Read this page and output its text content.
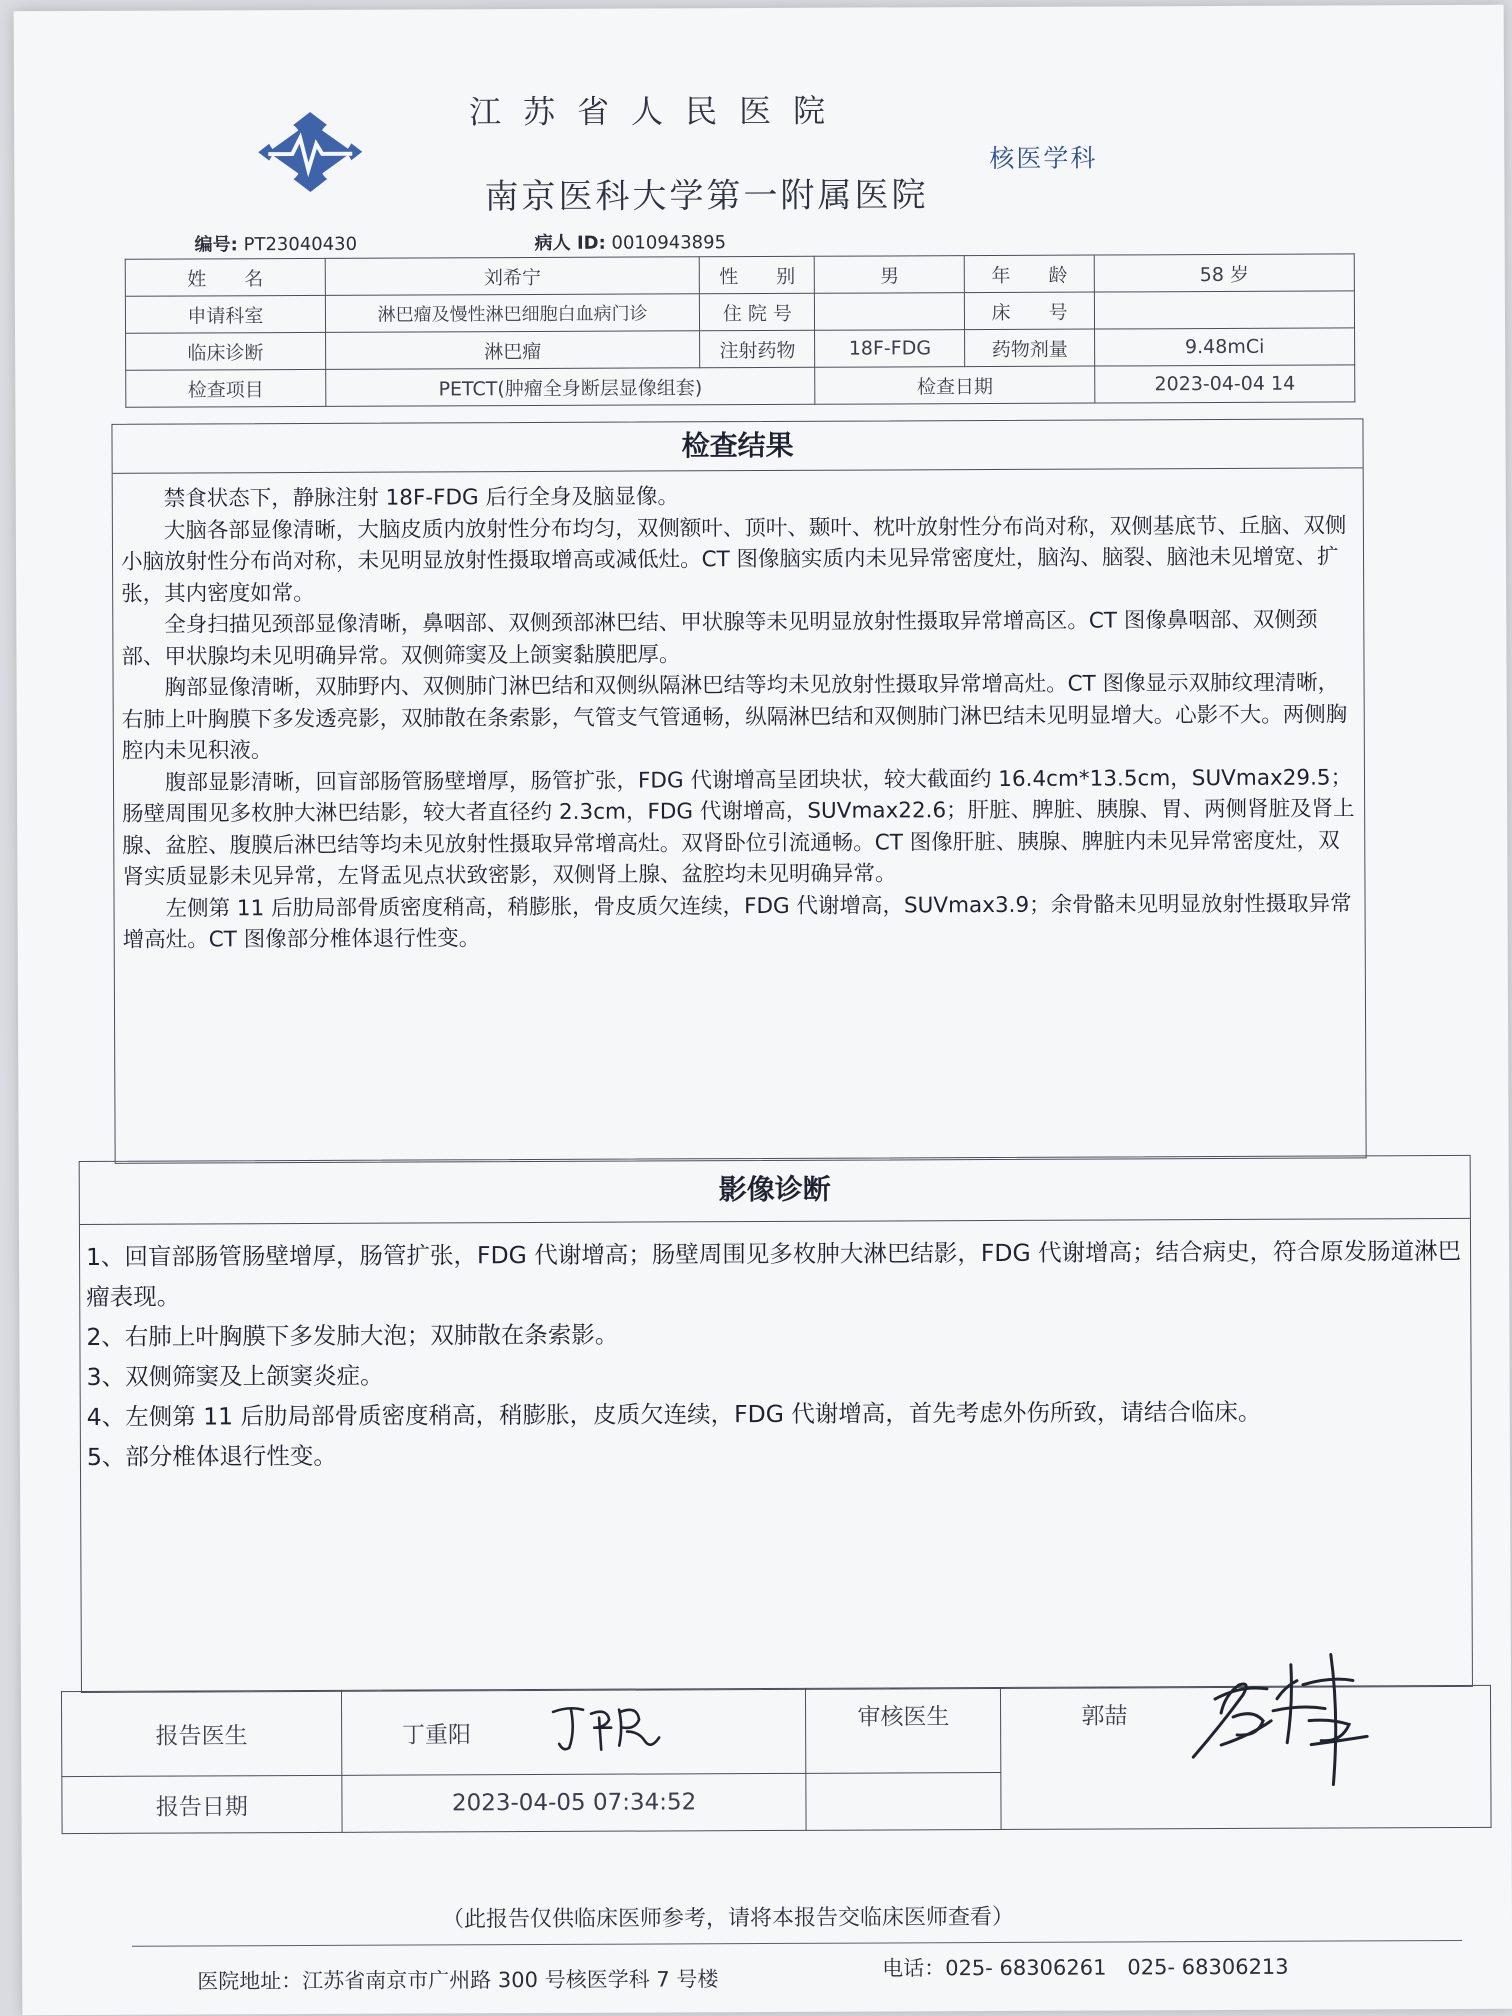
江苏省人民医院
南京医科大学第一附属医院
核医学科
编号: PT23040430	病人 ID: 0010943895
姓　　名	刘希宁	性　　别	男	年　　龄	58 岁
申请科室	淋巴瘤及慢性淋巴细胞白血病门诊	住 院 号		床　　号	
临床诊断	淋巴瘤	注射药物	18F-FDG	药物剂量	9.48mCi
检查项目	PETCT(肿瘤全身断层显像组套)		检查日期		2023-04-04 14
检查结果

禁食状态下，静脉注射 18F-FDG 后行全身及脑显像。

大脑各部显像清晰，大脑皮质内放射性分布均匀，双侧额叶、顶叶、颞叶、枕叶放射性分布尚对称，双侧基底节、丘脑、双侧小脑放射性分布尚对称，未见明显放射性摄取增高或减低灶。CT 图像脑实质内未见异常密度灶，脑沟、脑裂、脑池未见增宽、扩张，其内密度如常。

全身扫描见颈部显像清晰，鼻咽部、双侧颈部淋巴结、甲状腺等未见明显放射性摄取异常增高区。CT 图像鼻咽部、双侧颈部、甲状腺均未见明确异常。双侧筛窦及上颌窦黏膜肥厚。

胸部显像清晰，双肺野内、双侧肺门淋巴结和双侧纵隔淋巴结等均未见放射性摄取异常增高灶。CT 图像显示双肺纹理清晰，右肺上叶胸膜下多发透亮影，双肺散在条索影，气管支气管通畅，纵隔淋巴结和双侧肺门淋巴结未见明显增大。心影不大。两侧胸腔内未见积液。

腹部显影清晰，回盲部肠管肠壁增厚，肠管扩张，FDG 代谢增高呈团块状，较大截面约 16.4cm*13.5cm，SUVmax29.5；肠壁周围见多枚肿大淋巴结影，较大者直径约 2.3cm，FDG 代谢增高，SUVmax22.6；肝脏、脾脏、胰腺、胃、两侧肾脏及肾上腺、盆腔、腹膜后淋巴结等均未见放射性摄取异常增高灶。双肾卧位引流通畅。CT 图像肝脏、胰腺、脾脏内未见异常密度灶，双肾实质显影未见异常，左肾盂见点状致密影，双侧肾上腺、盆腔均未见明确异常。

左侧第 11 后肋局部骨质密度稍高，稍膨胀，骨皮质欠连续，FDG 代谢增高，SUVmax3.9；余骨骼未见明显放射性摄取异常增高灶。CT 图像部分椎体退行性变。

影像诊断

1、回盲部肠管肠壁增厚，肠管扩张，FDG 代谢增高；肠壁周围见多枚肿大淋巴结影，FDG 代谢增高；结合病史，符合原发肠道淋巴瘤表现。

2、右肺上叶胸膜下多发肺大泡；双肺散在条索影。

3、双侧筛窦及上颌窦炎症。

4、左侧第 11 后肋局部骨质密度稍高，稍膨胀，皮质欠连续，FDG 代谢增高，首先考虑外伤所致，请结合临床。

5、部分椎体退行性变。

报告医生	丁重阳	审核医生	郭喆

报告日期	2023-04-05 07:34:52		
（此报告仅供临床医师参考，请将本报告交临床医师查看）
医院地址：江苏省南京市广州路 300 号核医学科 7 号楼	电话：025- 68306261　025- 68306213
